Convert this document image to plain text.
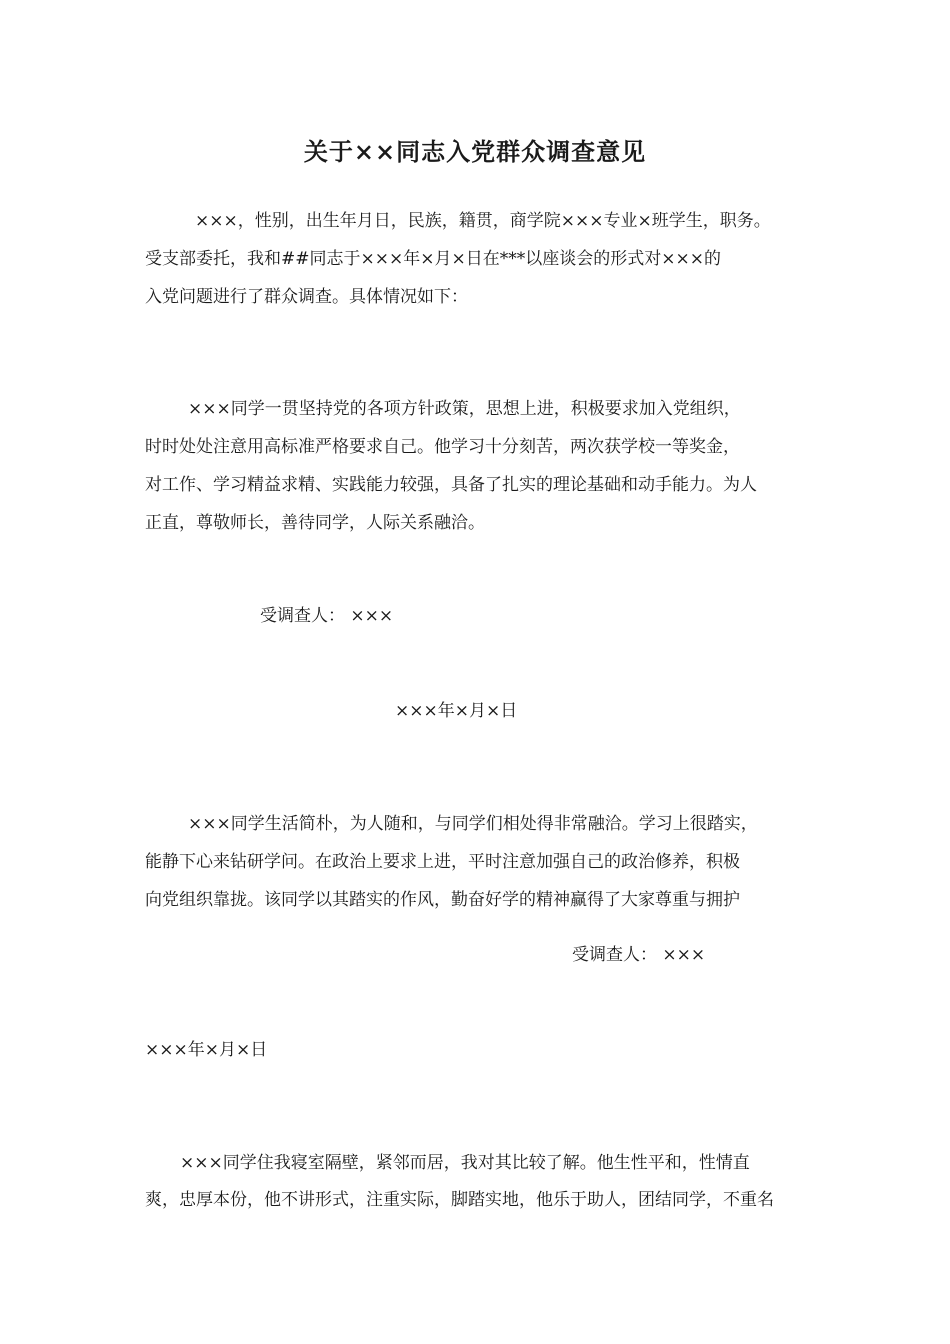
关于××同志入党群众调查意见
×××，性别，出生年月日，民族，籍贯，商学院×××专业×班学生，职务。
受支部委托，我和##同志于×××年×月×日在***以座谈会的形式对×××的
入党问题进行了群众调查。具体情况如下：
×××同学一贯坚持党的各项方针政策，思想上进，积极要求加入党组织，
时时处处注意用高标准严格要求自己。他学习十分刻苦，两次获学校一等奖金，
对工作、学习精益求精、实践能力较强，具备了扎实的理论基础和动手能力。为人
正直，尊敬师长，善待同学，人际关系融洽。
受调查人： ×××
×××年×月×日
×××同学生活简朴，为人随和，与同学们相处得非常融洽。学习上很踏实，
能静下心来钻研学问。在政治上要求上进，平时注意加强自己的政治修养，积极
向党组织靠拢。该同学以其踏实的作风，勤奋好学的精神赢得了大家尊重与拥护
受调查人： ×××
×××年×月×日
×××同学住我寝室隔壁，紧邻而居，我对其比较了解。他生性平和，性情直
爽，忠厚本份，他不讲形式，注重实际，脚踏实地，他乐于助人，团结同学，不重名
